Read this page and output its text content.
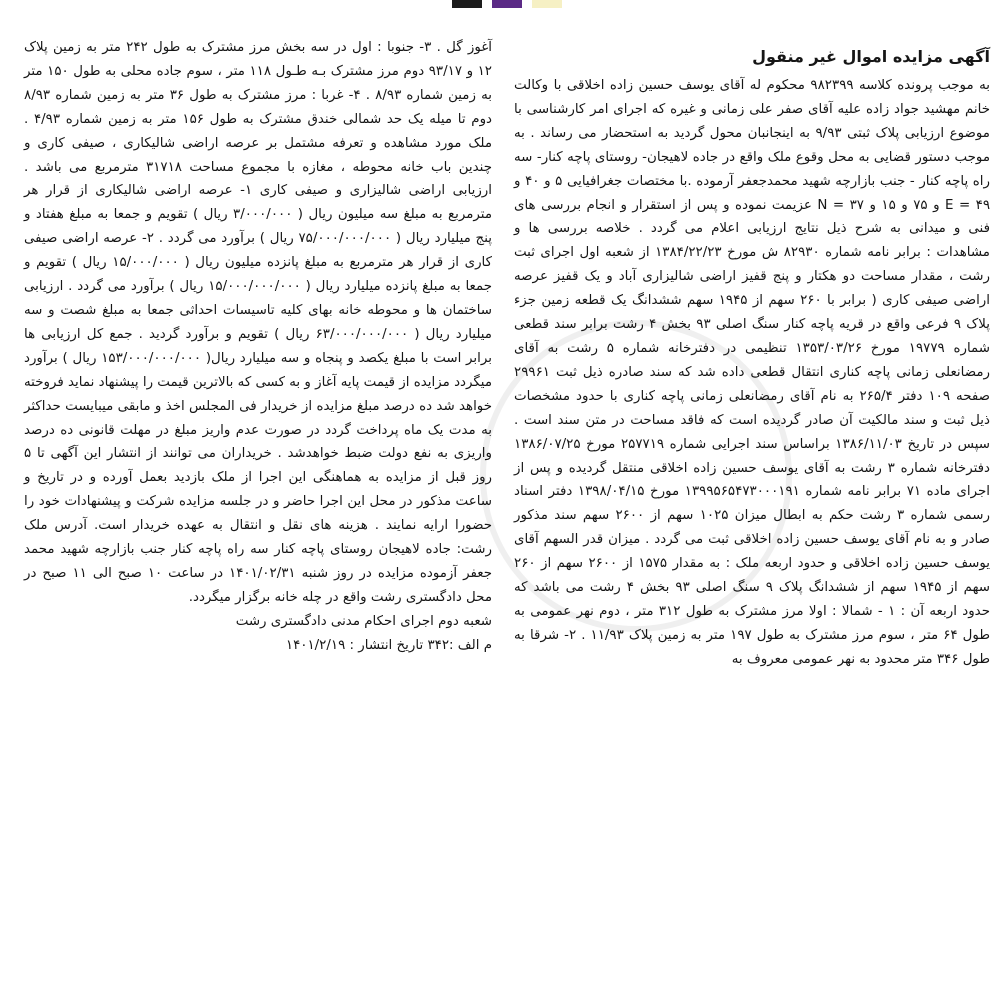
آگهی مزایده اموال غیر منقول

به موجب پرونده کلاسه ۹۸۲۳۹۹ محکوم له آقای یوسف حسین زاده اخلاقی با وکالت خانم مهشید جواد زاده علیه آقای صفر علی زمانی و غیره که اجرای امر کارشناسی با موضوع ارزیابی پلاک ثبتی ۹/۹۳ به اینجانبان محول گردید به استحضار می رساند . به موجب دستور قضایی به محل وقوع ملک واقع در جاده لاهیجان- روستای پاچه کنار- سه راه پاچه کنار - جنب بازارچه شهید محمدجعفر آرموده .با مختصات جغرافیایی ۵ و ۴۰ و ۴۹ = E و ۷۵ و ۱۵ و ۳۷ = N عزیمت نموده و پس از استقرار و انجام بررسی های فنی و میدانی به شرح ذیل نتایج ارزیابی اعلام می گردد . خلاصه بررسی ها و مشاهدات : برابر نامه شماره ۸۲۹۳۰ ش مورخ ۱۳۸۴/۲۲/۲۳ از شعبه اول اجرای ثبت رشت ، مقدار مساحت دو هکتار و پنج قفیز اراضی شالیزاری آباد و یک قفیز عرصه اراضی صیفی کاری ( برابر با ۲۶۰ سهم از ۱۹۴۵ سهم ششدانگ یک قطعه زمین جزء پلاک ۹ فرعی واقع در قریه پاچه کنار سنگ اصلی ۹۳ بخش ۴ رشت برابر سند قطعی شماره ۱۹۷۷۹ مورخ ۱۳۵۳/۰۳/۲۶ تنظیمی در دفترخانه شماره ۵ رشت به آقای رمضانعلی زمانی پاچه کناری انتقال قطعی داده شد که سند صادره ذیل ثبت ۲۹۹۶۱ صفحه ۱۰۹ دفتر ۲۶۵/۴ به نام آقای رمضانعلی زمانی پاچه کناری با حدود مشخصات ذیل ثبت و سند مالکیت آن صادر گردیده است که فاقد مساحت در متن سند است . سپس در تاریخ ۱۳۸۶/۱۱/۰۳ براساس سند اجرایی شماره ۲۵۷۷۱۹ مورخ ۱۳۸۶/۰۷/۲۵ دفترخانه شماره ۳ رشت به آقای یوسف حسین زاده اخلاقی منتقل گردیده و پس از اجرای ماده ۷۱ برابر نامه شماره ۱۳۹۹۵۶۵۴۷۳۰۰۰۱۹۱ مورخ ۱۳۹۸/۰۴/۱۵ دفتر اسناد رسمی شماره ۳ رشت حکم به ابطال میزان ۱۰۲۵ سهم از ۲۶۰۰ سهم سند مذکور صادر و به نام آقای یوسف حسین زاده اخلاقی ثبت می گردد . میزان قدر السهم آقای یوسف حسین زاده اخلاقی و حدود اربعه ملک : به مقدار ۱۵۷۵ از ۲۶۰۰ سهم از ۲۶۰ سهم از ۱۹۴۵ سهم از ششدانگ پلاک ۹ سنگ اصلی ۹۳ بخش ۴ رشت می باشد که حدود اربعه آن : ۱ - شمالا : اولا مرز مشترک به طول ۳۱۲ متر ، دوم نهر عمومی به طول ۶۴ متر ، سوم مرز مشترک به طول ۱۹۷ متر به زمین پلاک ۱۱/۹۳ . ۲- شرقا به طول ۳۴۶ متر محدود به نهر عمومی معروف به

آغوز گل . ۳- جنوبا : اول در سه بخش مرز مشترک به طول ۲۴۲ متر به زمین پلاک ۱۲ و ۹۳/۱۷ دوم مرز مشترک بـه طـول ۱۱۸ متر ، سوم جاده محلی به طول ۱۵۰ متر به زمین شماره ۸/۹۳ . ۴- غربا : مرز مشترک به طول ۳۶ متر به زمین شماره ۸/۹۳ دوم تا میله یک حد شمالی خندق مشترک به طول ۱۵۶ متر به زمین شماره ۴/۹۳ . ملک مورد مشاهده و تعرفه مشتمل بر عرصه اراضی شالیکاری ، صیفی کاری و چندین باب خانه محوطه ، مغازه با مجموع مساحت ۳۱۷۱۸ مترمربع می باشد . ارزیابی اراضی شالیزاری و صیفی کاری ۱- عرصه اراضی شالیکاری از قرار هر مترمربع به مبلغ سه میلیون ریال ( ۳/۰۰۰/۰۰۰ ریال ) تقویم و جمعا به مبلغ هفتاد و پنج میلیارد ریال ( ۷۵/۰۰۰/۰۰۰/۰۰۰ ریال ) برآورد می گردد . ۲- عرصه اراضی صیفی کاری از قرار هر مترمربع به مبلغ پانزده میلیون ریال ( ۱۵/۰۰۰/۰۰۰ ریال ) تقویم و جمعا به مبلغ پانزده میلیارد ریال ( ۱۵/۰۰۰/۰۰۰/۰۰۰ ریال ) برآورد می گردد . ارزیابی ساختمان ها و محوطه خانه بهای کلیه تاسیسات احداثی جمعا به مبلغ شصت و سه میلیارد ریال ( ۶۳/۰۰۰/۰۰۰/۰۰۰ ریال ) تقویم و برآورد گردید . جمع کل ارزیابی ها برابر است با مبلغ یکصد و پنجاه و سه میلیارد ریال( ۱۵۳/۰۰۰/۰۰۰/۰۰۰ ریال ) برآورد میگردد مزایده از قیمت پایه آغاز و به کسی که بالاترین قیمت را پیشنهاد نماید فروخته خواهد شد ده درصد مبلغ مزایده از خریدار فی المجلس اخذ و مابقی میبایست حداکثر به مدت یک ماه پرداخت گردد در صورت عدم واریز مبلغ در مهلت قانونی ده درصد واریزی به نفع دولت ضبط خواهدشد . خریداران می توانند از انتشار این آگهی تا ۵ روز قبل از مزایده به هماهنگی این اجرا از ملک بازدید بعمل آورده و در تاریخ و ساعت مذکور در محل این اجرا حاضر و در جلسه مزایده شرکت و پیشنهادات خود را حضورا ارایه نمایند . هزینه های نقل و انتقال به عهده خریدار است. آدرس ملک رشت: جاده لاهیجان روستای پاچه کنار سه راه پاچه کنار جنب بازارچه شهید محمد جعفر آزموده مزایده در روز شنبه ۱۴۰۱/۰۲/۳۱ در ساعت ۱۰ صبح الی ۱۱ صبح در محل دادگستری رشت واقع در چله خانه برگزار میگردد.

شعبه دوم اجرای احکام مدنی دادگستری رشت

م الف :۳۴۲ تاریخ انتشار : ۱۴۰۱/۲/۱۹
